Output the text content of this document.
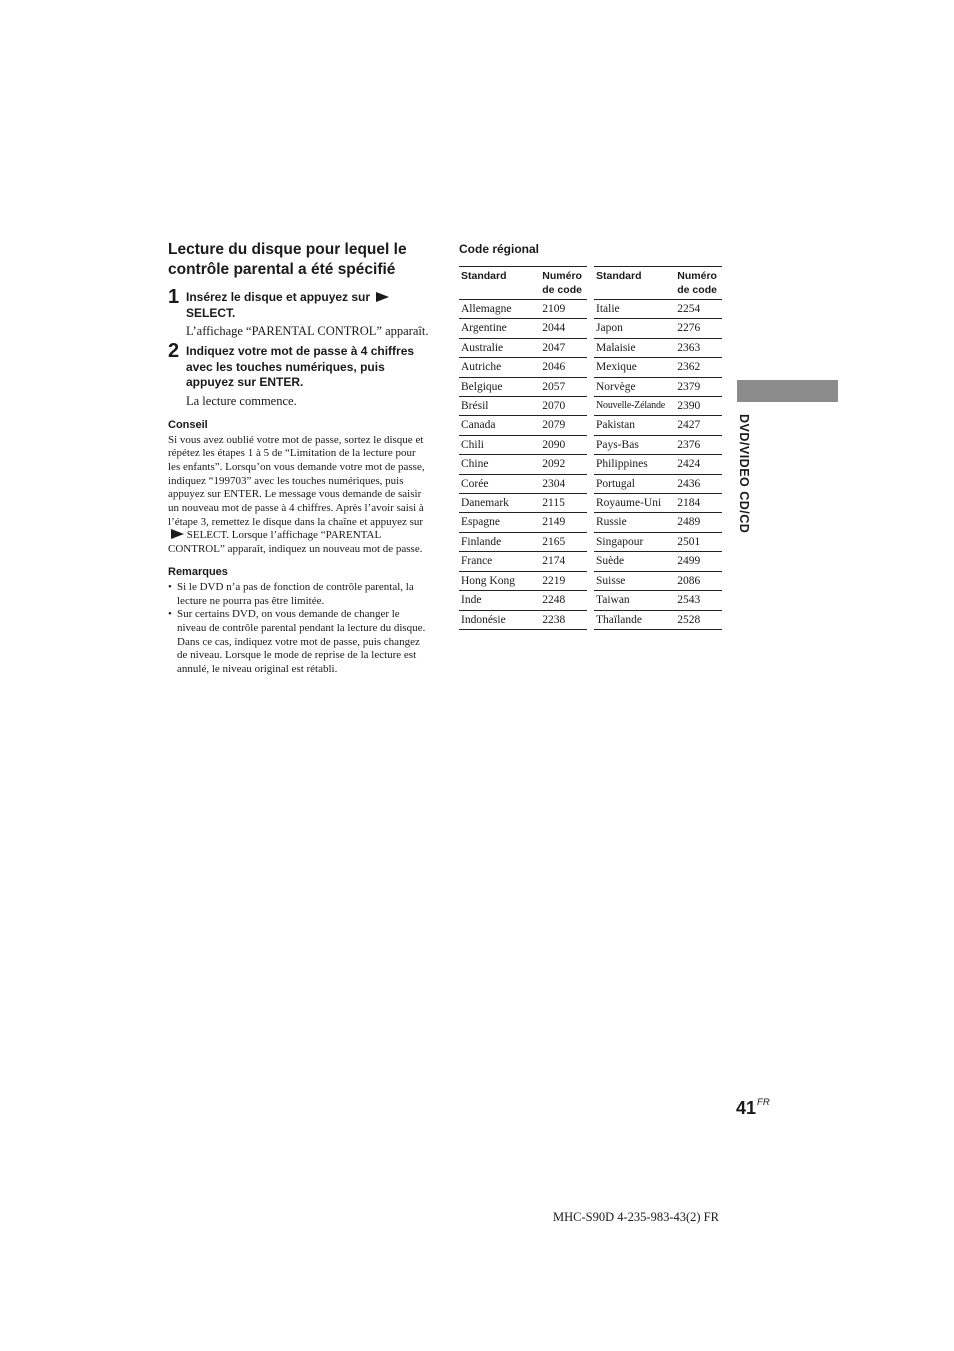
Lecture du disque pour lequel le contrôle parental a été spécifié
1 Insérez le disque et appuyez sur
SELECT.
L’affichage “PARENTAL CONTROL” apparaît.
2 Indiquez votre mot de passe à 4 chiffres avec les touches numériques, puis appuyez sur ENTER.
La lecture commence.
Conseil
Si vous avez oublié votre mot de passe, sortez le disque et répétez les étapes 1 à 5 de “Limitation de la lecture pour les enfants”. Lorsqu’on vous demande votre mot de passe, indiquez “199703” avec les touches numériques, puis appuyez sur ENTER. Le message vous demande de saisir un nouveau mot de passe à 4 chiffres. Après l’avoir saisi à l’étape 3, remettez le disque dans la chaîne et appuyez sur  SELECT. Lorsque l’affichage “PARENTAL CONTROL” apparaît, indiquez un nouveau mot de passe.
Remarques
• Si le DVD n’a pas de fonction de contrôle parental, la lecture ne pourra pas être limitée.
• Sur certains DVD, on vous demande de changer le niveau de contrôle parental pendant la lecture du disque. Dans ce cas, indiquez votre mot de passe, puis changez de niveau. Lorsque le mode de reprise de la lecture est annulé, le niveau original est rétabli.
Code régional
Standard	Numéro
de code
Allemagne	2109
Argentine	2044
Australie	2047
Autriche	2046
Belgique	2057
Brésil	2070
Canada	2079
Chili	2090
Chine	2092
Corée	2304
Danemark	2115
Espagne	2149
Finlande	2165
France	2174
Hong Kong	2219
Inde	2248
Indonésie	2238
Standard	Numéro
de code
Italie	2254
Japon	2276
Malaisie	2363
Mexique	2362
Norvège	2379
Nouvelle-Zélande	2390
Pakistan	2427
Pays-Bas	2376
Philippines	2424
Portugal	2436
Royaume-Uni	2184
Russie	2489
Singapour	2501
Suède	2499
Suisse	2086
Taiwan	2543
Thaïlande	2528
DVD/VIDEO CD/CD
$41^{FR}$
MHC-S90D 4-235-983-43(2) FR
